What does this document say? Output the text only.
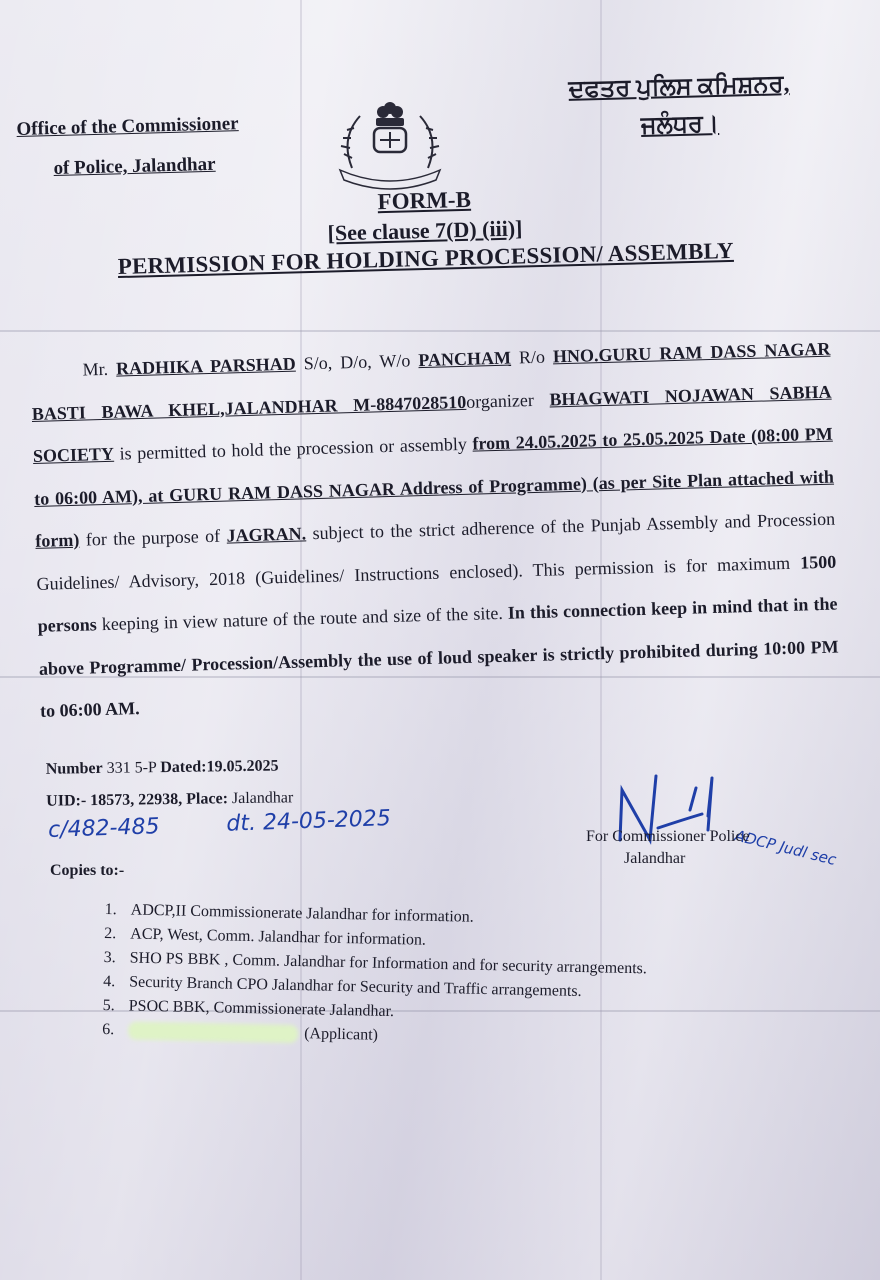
Office of the Commissioner
of Police, Jalandhar
ਦਫਤਰ ਪੁਲਿਸ ਕਮਿਸ਼ਨਰ,
ਜਲੰਧਰ।
FORM-B
[See clause 7(D) (iii)]
PERMISSION FOR HOLDING PROCESSION/ ASSEMBLY
Mr. RADHIKA PARSHAD S/o, D/o, W/o PANCHAM R/o HNO.GURU RAM DASS NAGAR BASTI BAWA KHEL,JALANDHAR M-8847028510organizer BHAGWATI NOJAWAN SABHA SOCIETY is permitted to hold the procession or assembly from 24.05.2025 to 25.05.2025 Date (08:00 PM to 06:00 AM), at GURU RAM DASS NAGAR Address of Programme) (as per Site Plan attached with form) for the purpose of JAGRAN. subject to the strict adherence of the Punjab Assembly and Procession Guidelines/ Advisory, 2018 (Guidelines/ Instructions enclosed). This permission is for maximum 1500 persons keeping in view nature of the route and size of the site. In this connection keep in mind that in the above Programme/ Procession/Assembly the use of loud speaker is strictly prohibited during 10:00 PM to 06:00 AM.
Number 331 5-P Dated:19.05.2025
UID:- 18573, 22938, Place: Jalandhar
c/482-485	dt. 24-05-2025
ADCP Judl sec
For Commissioner Police
Jalandhar
Copies to:-
1. ADCP,II Commissionerate Jalandhar for information.
2. ACP, West, Comm. Jalandhar for information.
3. SHO PS BBK , Comm. Jalandhar for Information and for security arrangements.
4. Security Branch CPO Jalandhar for Security and Traffic arrangements.
5. PSOC BBK, Commissionerate Jalandhar.
6.	(Applicant)
